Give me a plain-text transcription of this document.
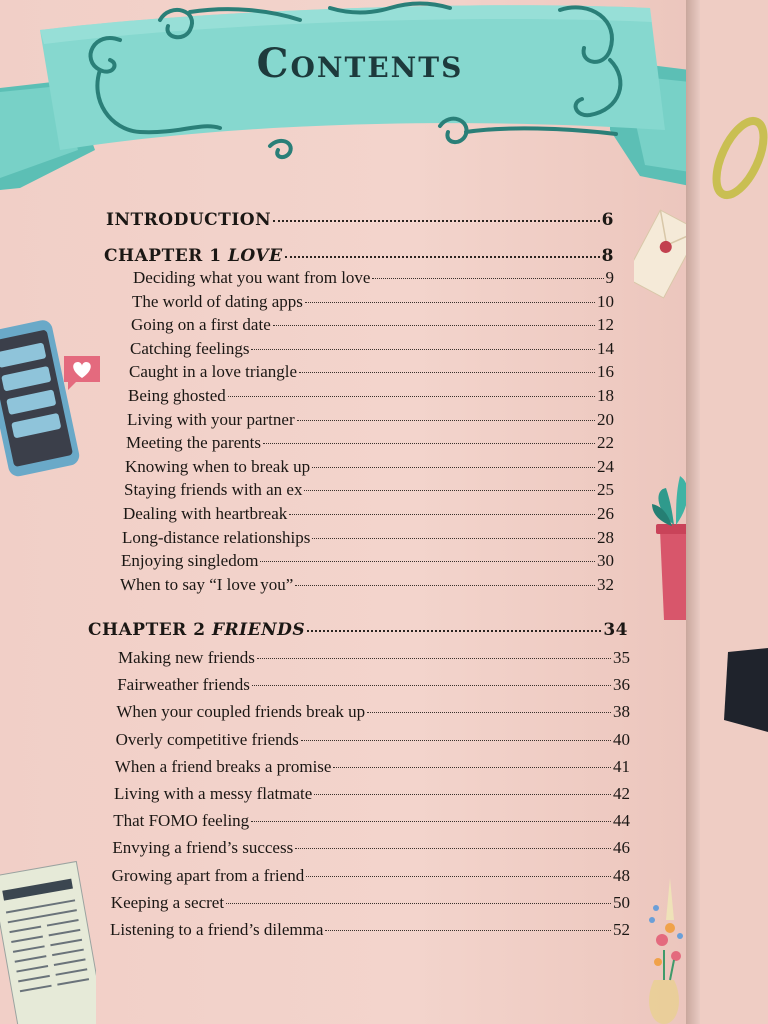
Contents
INTRODUCTION	6
CHAPTER 1 LOVE	8
Deciding what you want from love	9
The world of dating apps	10
Going on a first date	12
Catching feelings	14
Caught in a love triangle	16
Being ghosted	18
Living with your partner	20
Meeting the parents	22
Knowing when to break up	24
Staying friends with an ex	25
Dealing with heartbreak	26
Long-distance relationships	28
Enjoying singledom	30
When to say “I love you”	32
CHAPTER 2 FRIENDS	34
Making new friends	35
Fairweather friends	36
When your coupled friends break up	38
Overly competitive friends	40
When a friend breaks a promise	41
Living with a messy flatmate	42
That FOMO feeling	44
Envying a friend’s success	46
Growing apart from a friend	48
Keeping a secret	50
Listening to a friend’s dilemma	52
